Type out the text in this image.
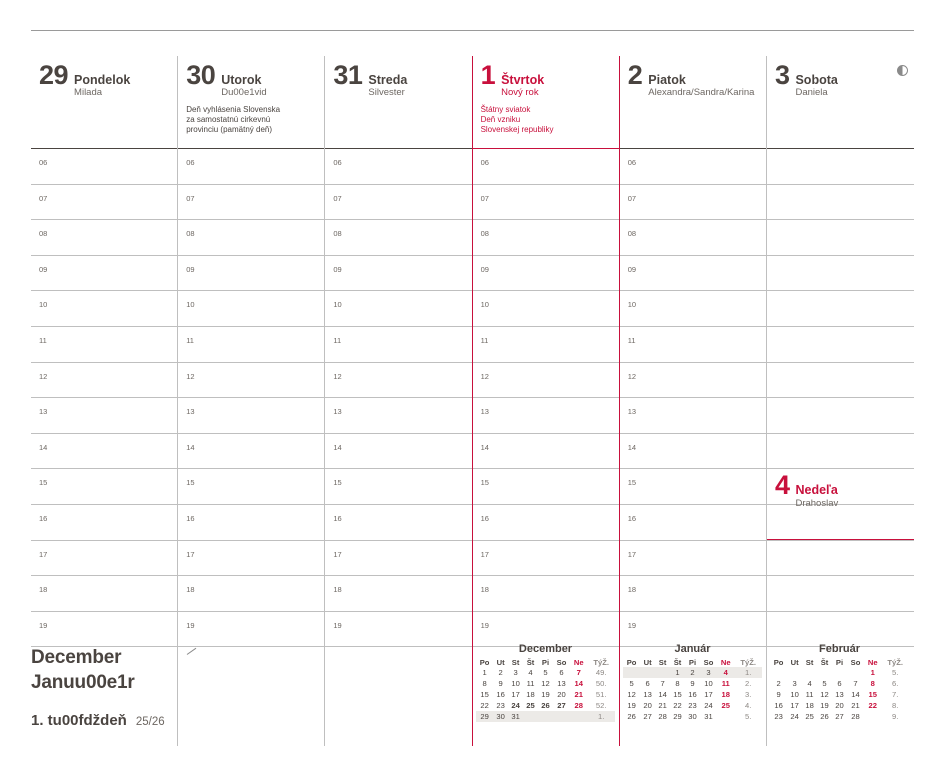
29 Pondelok
Milada
06
07
08
09
10
11
12
13
14
15
16
17
18
19
30 Utorok
Du00e1vid
Deň vyhlásenia Slovenska
za samostatnú cirkevnú
provinciu (pamätný deň)
06
07
08
09
10
11
12
13
14
15
16
17
18
19
31 Streda
Silvester
06
07
08
09
10
11
12
13
14
15
16
17
18
19
1 Štvrtok
Nový rok
Štátny sviatok
Deň vzniku
Slovenskej republiky
06
07
08
09
10
11
12
13
14
15
16
17
18
19
2 Piatok
Alexandra/Sandra/Karina
06
07
08
09
10
11
12
13
14
15
16
17
18
19
3 Sobota
Daniela
4 Nedeľa
Drahoslav
December
Januu00e1r
1. tu00fdždeň 25/26
December
Po	Ut	St	Št	Pi	So	Ne	TýŽ.
1	2	3	4	5	6	7	49.
8	9	10	11	12	13	14	50.
15	16	17	18	19	20	21	51.
22	23	24	25	26	27	28	52.
29	30	31					1.
Január
Po	Ut	St	Št	Pi	So	Ne	TýŽ.
			1	2	3	4	1.
5	6	7	8	9	10	11	2.
12	13	14	15	16	17	18	3.
19	20	21	22	23	24	25	4.
26	27	28	29	30	31		5.
Február
Po	Ut	St	Št	Pi	So	Ne	TýŽ.
						1	5.
2	3	4	5	6	7	8	6.
9	10	11	12	13	14	15	7.
16	17	18	19	20	21	22	8.
23	24	25	26	27	28		9.
